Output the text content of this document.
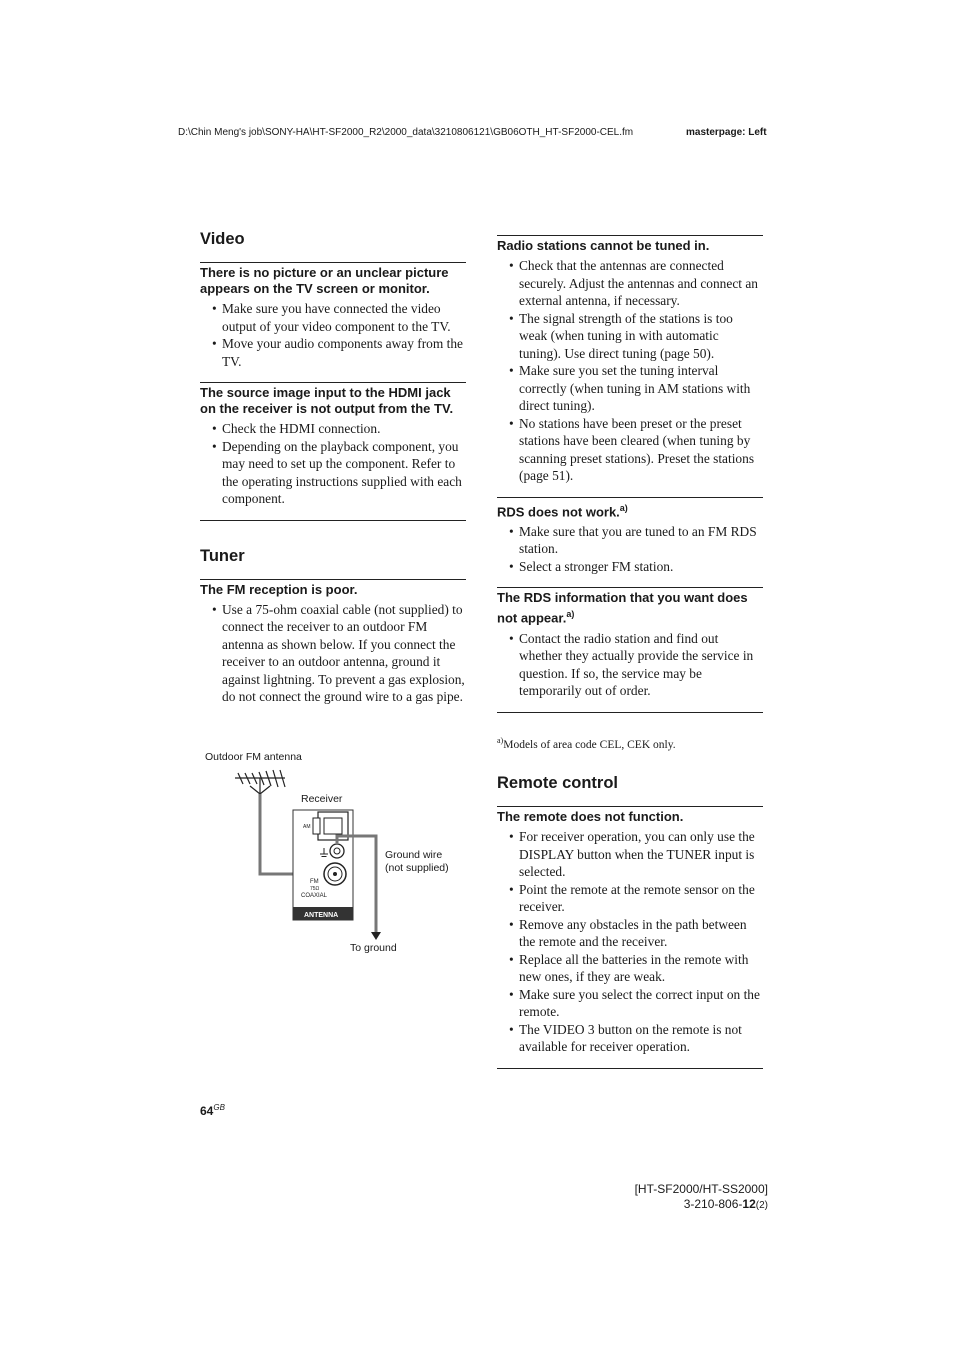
D:\Chin Meng's job\SONY-HA\HT-SF2000_R2\2000_data\3210806121\GB06OTH_HT-SF2000-CEL.fm	masterpage: Left
Video
There is no picture or an unclear picture appears on the TV screen or monitor.
• Make sure you have connected the video output of your video component to the TV.
• Move your audio components away from the TV.
The source image input to the HDMI jack on the receiver is not output from the TV.
• Check the HDMI connection.
• Depending on the playback component, you may need to set up the component. Refer to the operating instructions supplied with each component.
Tuner
The FM reception is poor.
• Use a 75-ohm coaxial cable (not supplied) to connect the receiver to an outdoor FM antenna as shown below. If you connect the receiver to an outdoor antenna, ground it against lightning. To prevent a gas explosion, do not connect the ground wire to a gas pipe.
AM
FM
75Ω
COAXIAL
ANTENNA
Outdoor FM antenna
Receiver
Ground wire
(not supplied)
To ground
Radio stations cannot be tuned in.
• Check that the antennas are connected securely. Adjust the antennas and connect an external antenna, if necessary.
• The signal strength of the stations is too weak (when tuning in with automatic tuning). Use direct tuning (page 50).
• Make sure you set the tuning interval correctly (when tuning in AM stations with direct tuning).
• No stations have been preset or the preset stations have been cleared (when tuning by scanning preset stations). Preset the stations (page 51).
RDS does not work.$^{a)}$
• Make sure that you are tuned to an FM RDS station.
• Select a stronger FM station.
The RDS information that you want does not appear.$^{a)}$
• Contact the radio station and find out whether they actually provide the service in question. If so, the service may be temporarily out of order.

$^{a)}$Models of area code CEL, CEK only.

Remote control
The remote does not function.
• For receiver operation, you can only use the DISPLAY button when the TUNER input is selected.
• Point the remote at the remote sensor on the receiver.
• Remove any obstacles in the path between the remote and the receiver.
• Replace all the batteries in the remote with new ones, if they are weak.
• Make sure you select the correct input on the remote.
• The VIDEO 3 button on the remote is not available for receiver operation.
$64^{GB}$
[HT-SF2000/HT-SS2000]
3-210-806-12(2)
